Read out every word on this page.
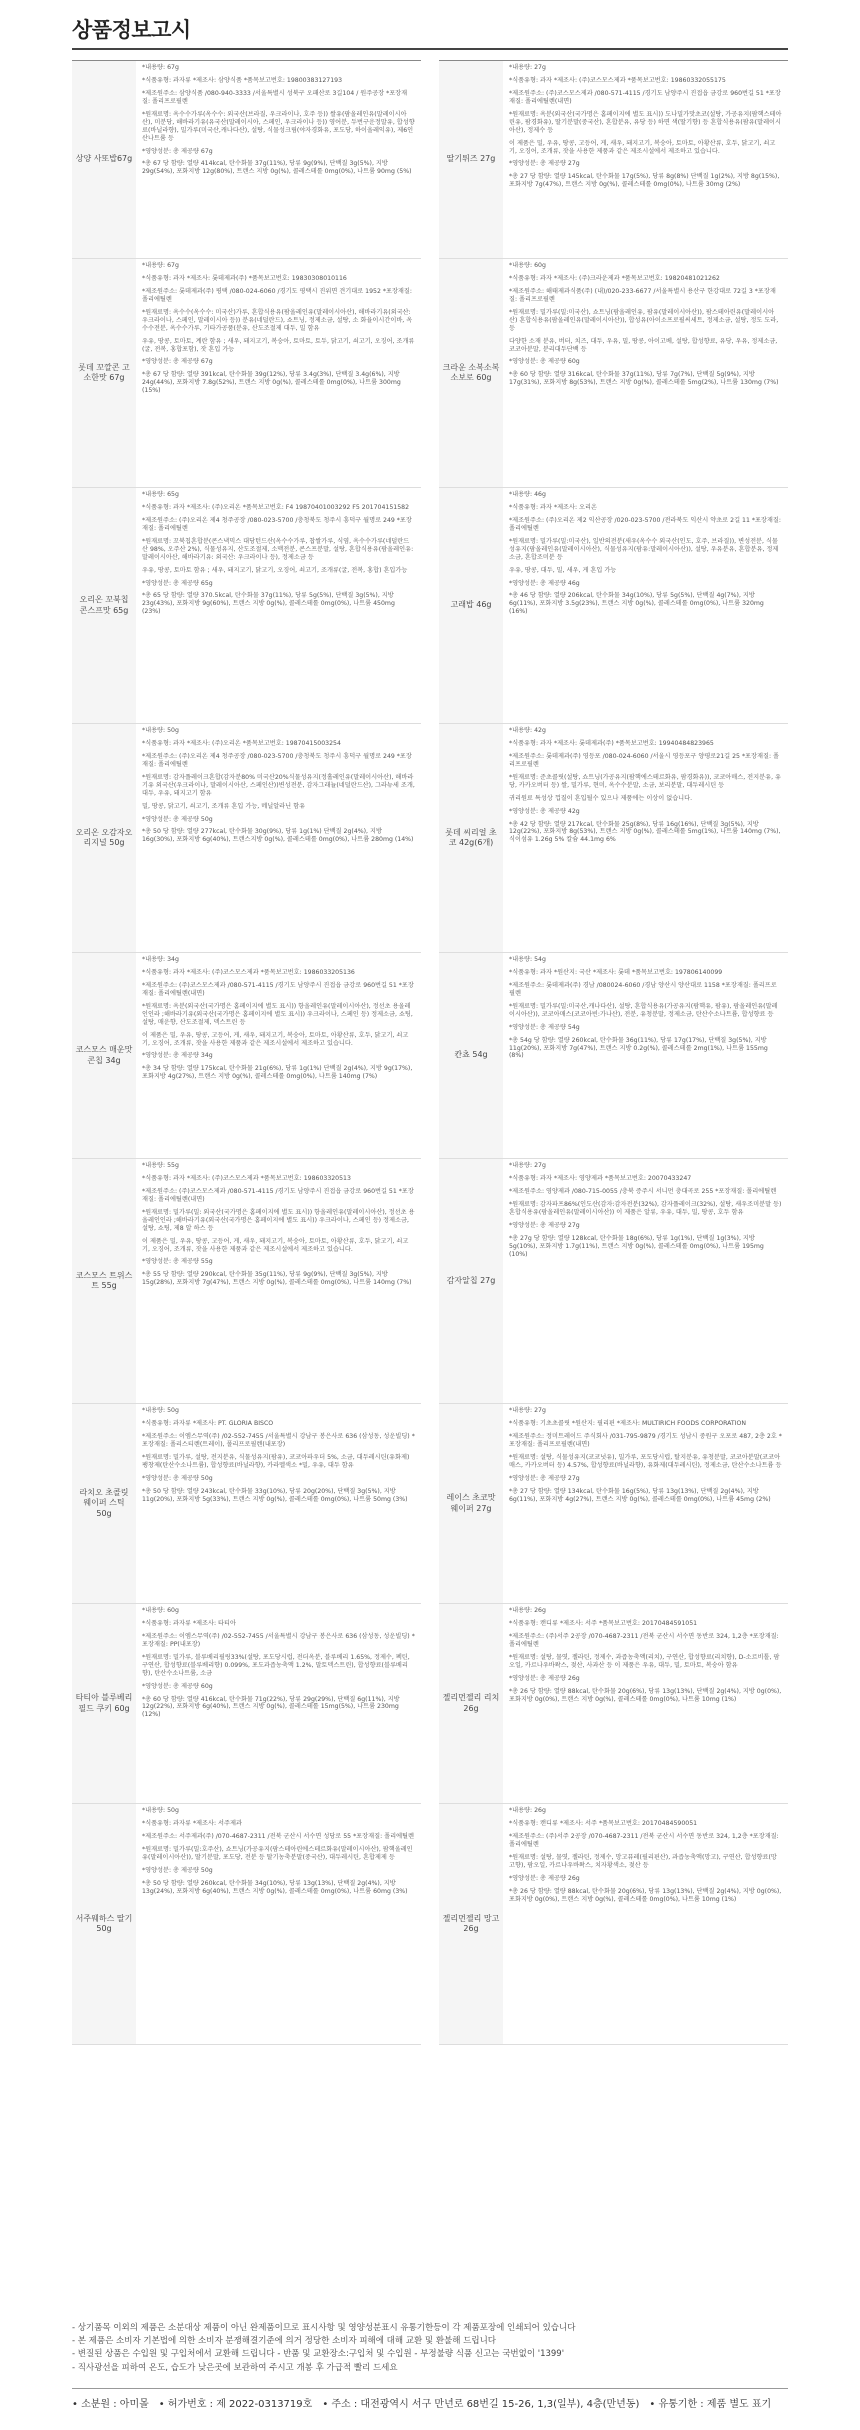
상품정보고시
상양 사또밥67g

*내용량: 67g

*식품유형: 과자류 *제조사: 삼양식품 *품목보고번호: 19800383127193

*제조원주소: 삼양식품 /080-940-3333 /서울특별시 성북구 오패산로 3길104 / 원주공장 *포장재질: 폴리프로필렌

*원재료명: 옥수수가루(옥수수: 외국산(브라질, 우크라이나, 호주 등)) 쌀유(팜올레인유(말레이시아산), 미분당, 해바라기유(유국산(말레이시아, 스페인, 우크라이나 등)) 영어분, 두번구운정말유, 합성향료(바닐라향), 밀가루(미국산,캐나다산), 설탕, 식물성크림(야자경화유, 포도당, 하이올레익유), 제6인산나트륨 등

*영양성분: 총 제공량 67g

*총 67 당 함량: 열량 414kcal, 탄수화물 37g(11%), 당류 9g(9%), 단백질 3g(5%), 지방 29g(54%), 포화지방 12g(80%), 트랜스 지방 0g(%), 콜레스테롤 0mg(0%), 나트륨 90mg (5%)

롯데 꼬깔콘 고소한맛 67g

*내용량: 67g

*식품유형: 과자 *제조사: 롯데제과(주) *품목보고번호: 19830308010116

*제조원주소: 롯데제과(주) 평택 /080-024-6060 /경기도 평택시 진위면 견기대로 1952 *포장재질: 폴리에틸렌

*원재료명: 옥수수(옥수수: 미국산)가루, 혼합식용유(팜올레인유(말레이시아산), 해바라기유(외국산: 우크라이나, 스페인, 말레이시아 등)) 분유(네덜란드), 쇼트닝, 정제소금, 설탕, 소 화율이시간이바, 옥수수전분, 옥수수가루, 기타가공품(분유, 산도조절제 대두, 밀 함유

우유, 땅콩, 토마토, 계란 함유 ; 새우, 돼지고기, 복숭아, 토마토, 토두, 닭고기, 쇠고기, 오징어, 조개류(굴, 전복, 홍합포함), 잣 혼입 가능

*영양성분: 총 제공량 67g

*총 67 당 함량: 열량 391kcal, 탄수화물 39g(12%), 당류 3.4g(3%), 단백질 3.4g(6%), 지방 24g(44%), 포화지방 7.8g(52%), 트랜스 지방 0g(%), 콜레스테롤 0mg(0%), 나트륨 300mg (15%)

오리온 꼬북칩 콘스프맛 65g

*내용량: 65g

*식품유형: 과자 *제조사: (주)오리온 *품목보고번호: F4 19870401003292 F5 201704151582

*제조원주소: (주)오리온 제4 청주공장 /080-023-5700 /충청북도 청주시 흥덕구 월명로 249 *포장재질: 폴리에틸렌

*원재료명: 꼬북칩혼합분(콘스낵믹스 대당턴드산(옥수수가루, 찹쌀가루, 식염, 옥수수가루(네덜란드산 98%, 오주산 2%), 식물성유지, 산도조절제, 소맥전분, 콘스프분말, 설탕, 혼합식용유(팜올레인유: 말레이시아산, 해바라기유: 외국산: 우크라이나 등), 정제소금 등

우유, 땅콩, 토마토 함유 ; 새우, 돼지고기, 닭고기, 오징어, 쇠고기, 조개류(굴, 전복, 홍합) 혼입가능

*영양성분: 총 제공량 65g

*총 65 당 함량: 열량 370.5kcal, 탄수화물 37g(11%), 당류 5g(5%), 단백질 3g(5%), 지방 23g(43%), 포화지방 9g(60%), 트랜스 지방 0g(%), 콜레스테롤 0mg(0%), 나트륨 450mg (23%)

오리온 오감자오리지널 50g

*내용량: 50g

*식품유형: 과자 *제조사: (주)오리온 *품목보고번호: 19870415003254

*제조원주소: (주)오리온 제4 청주공장 /080-023-5700 /충청북도 청주시 흥덕구 월명로 249 *포장재질: 폴리에틸렌

*원재료명: 감자플레이크혼합(감자분80% 미국산20%식물성유지(정홀레인유(말레이시아산), 해바라기유 외국산(우크라이나, 말레이시아산, 스페인산))변성전분, 감자그래뉼(네덜란드산), 그라뉴세 조개, 대두, 우유, 돼지고기 함유

밀, 땅콩, 닭고기, 쇠고기, 조개류 혼입 가능, 메닐알라닌 함유

*영양성분: 총 제공량 50g

*총 50 당 함량: 열량 277kcal, 탄수화물 30g(9%), 당류 1g(1%) 단백질 2g(4%), 지방 16g(30%), 포화지방 6g(40%), 트랜스지방 0g(%), 콜레스테롤 0mg(0%), 나트륨 280mg (14%)

코스모스 매운맛 콘칩 34g

*내용량: 34g

*식품유형: 과자 *제조사: (주)코스모스제과 *품목보고번호: 1986033205136

*제조원주소: (주)코스모스제과 /080-571-4115 /경기도 남양주시 진접읍 금강로 960번길 51 *포장재질: 폴리에틸렌(내면)

*원재료명: 옥분(외국산(국가명은 홈페이지에 별도 표시)) 항올레인유(말레이시아산), 정선초 용올레인인라 ;해바라기유(외국산(국가명은 홈페이지에 별도 표시)) 우크라이나, 스페인 등) 정제소금, 쇼팅, 설탕, 매운향, 산도조절제, 덱스트린 등

이 제품은 밀, 우유, 땅콩, 고등어, 게, 새우, 돼지고기, 복숭아, 토마토, 아황산류, 호두, 닭고기, 쇠고기, 오징어, 조개류, 잣을 사용한 제품과 같은 제조시설에서 제조하고 있습니다.

*영양성분: 총 제공량 34g

*총 34 당 함량: 열량 175kcal, 탄수화물 21g(6%), 당류 1g(1%) 단백질 2g(4%), 지방 9g(17%), 포화지방 4g(27%), 트랜스 지방 0g(%), 콜레스테롤 0mg(0%), 나트륨 140mg (7%)

코스모스 트위스트 55g

*내용량: 55g

*식품유형: 과자 *제조사: (주)코스모스제과 *품목보고번호: 198603320513

*제조원주소: (주)코스모스제과 /080-571-4115 /경기도 남양주시 진접읍 금강로 960번길 51 *포장재질: 폴리에틸렌(내면)

*원재료명: 밀가루(밀: 외국산(국가명은 홈페이지에 별도 표시)) 항올레인유(말레이시아산), 정선초 용올레인인라 ;해바라기유(외국산(국가명은 홈페이지에 별도 표시)) 우크라이나, 스페인 등) 정제소금, 설탕, 쇼팅, 제8 알 하스 등

이 제품은 밀, 우유, 땅콩, 고등어, 게, 새우, 돼지고기, 복숭아, 토마토, 아황산류, 호두, 닭고기, 쇠고기, 오징어, 조개류, 잣을 사용한 제품과 같은 제조시설에서 제조하고 있습니다.

*영양성분: 총 제공량 55g

*총 55 당 함량: 열량 290kcal, 탄수화물 35g(11%), 당류 9g(9%), 단백질 3g(5%), 지방 15g(28%), 포화지방 7g(47%), 트랜스 지방 0g(%), 콜레스테롤 0mg(0%), 나트륨 140mg (7%)

라치오 초콜릿 웨이퍼 스틱 50g

*내용량: 50g

*식품유형: 과자류 *제조사: PT. GLORIA BISCO

*제조원주소: 이엠스무역(주) /02-552-7455 /서울특별시 강남구 봉은사로 636 (삼성동, 성운빌딩) *포장재질: 폴리스티렌(트레이), 폴리프로필렌(내포장)

*원재료명: 밀가루, 설탕, 전지분유, 식물성유지(팜유), 코코아파우더 5%, 소금, 대두레시틴(유화제)팽창제(탄산수소나트륨), 합성향료(바닐라향), 카라멜색소 *밀, 우유, 대두 함유

*영양성분: 총 제공량 50g

*총 50 당 함량: 열량 243kcal, 탄수화물 33g(10%), 당류 20g(20%), 단백질 3g(5%), 지방 11g(20%), 포화지방 5g(33%), 트랜스 지방 0g(%), 콜레스테롤 0mg(0%), 나트륨 50mg (3%)

타티아 블루베리 필드 쿠키 60g

*내용량: 60g

*식품유형: 과자류 *제조사: 타티아

*제조원주소: 이엠스무역(주) /02-552-7455 /서울특별시 강남구 봉은사로 636 (삼성동, 성운빌딩) *포장재질: PP(내포장)

*원재료명: 밀가루, 블루베리필링33%(설탕, 포도당시럽, 전더옥분, 블루베리 1.65%, 정제수, 펙틴, 구연산, 합성향료(블루베리향) 0.099%, 포도과즙농축액 1.2%, 말토덱스트린), 합성향료(블루베리향), 탄산수소나트륨, 소금

*영양성분: 총 제공량 60g

*총 60 당 함량: 열량 416kcal, 탄수화물 71g(22%), 당류 29g(29%), 단백질 6g(11%), 지방 12g(22%), 포화지방 6g(40%), 트랜스 지방 0g(%), 콜레스테롤 15mg(5%), 나트륨 230mg (12%)

서주웨하스 딸기 50g

*내용량: 50g

*식품유형: 과자류 *제조사: 서주제과

*제조원주소: 서주제과(주) /070-4687-2311 /전북 군산시 서수면 성당로 55 *포장재질: 폴리에틸렌

*원재료명: 밀가루(밀:호주산), 쇼트닝(가공유지(팜스테아린에스테르화유(말레이시아산), 팜핵올레인유(말레이시아산)), 딸기분말, 포도당, 전분 등 딸기농축분말(중국산), 대두레시틴, 혼합제제 등

*영양성분: 총 제공량 50g

*총 50 당 함량: 열량 260kcal, 탄수화물 34g(10%), 당류 13g(13%), 단백질 2g(4%), 지방 13g(24%), 포화지방 6g(40%), 트랜스 지방 0g(%), 콜레스테롤 0mg(0%), 나트륨 60mg (3%)

딸기튀즈 27g

*내용량: 27g

*식품유형: 과자 *제조사: (주)코스모스제과 *품목보고번호: 19860332055175

*제조원주소: (주)코스모스제과 /080-571-4115 /경기도 남양주시 진접읍 금강로 960번길 51 *포장재질: 폴리에틸렌(내면)

*원재료명: 옥분(외국산(국가명은 홈페이지에 별도 표시)) 도나밀가맛초코(설탕, 가공유지(팜핵스테아린유, 팜경화유), 딸기분말(중국산), 혼합분유, 유당 등) 하면 색(딸기향) 등 혼합식용유(팜유(말레이시아산), 정제수 등

이 제품은 밀, 우유, 땅콩, 고등어, 게, 새우, 돼지고기, 복숭아, 토마토, 아황산류, 호두, 닭고기, 쇠고기, 오징어, 조개류, 잣을 사용한 제품과 같은 제조시설에서 제조하고 있습니다.

*영양성분: 총 제공량 27g

*총 27 당 함량: 열량 145kcal, 탄수화물 17g(5%), 당류 8g(8%) 단백질 1g(2%), 지방 8g(15%), 포화지방 7g(47%), 트랜스 지방 0g(%), 콜레스테롤 0mg(0%), 나트륨 30mg (2%)

크라운 소복소복 소보로 60g

*내용량: 60g

*식품유형: 과자 *제조사: (주)크라운제과 *품목보고번호: 19820481021262

*제조원주소: 해태제과식품(주) (내)/020-233-6677 /서울특별시 용산구 한강대로 72길 3 *포장재질: 폴리프로필렌

*원재료명: 밀가루(밀:미국산), 쇼트닝(팜올레인유, 팜유(말레이시아산)), 팜스테아린유(말레이시아산) 혼합식용유(팜올레인유(말레이시아산)), 합성유(아이소프로필씨세트, 정제소금, 설탕, 정도 도라, 등

다양한 소재 분유, 버터, 치즈, 대두, 우유, 밀, 땅콩, 아이고베, 설탕, 합성향료, 유당, 우유, 정제소금, 코코아분말, 분리대두단백 등

*영양성분: 총 제공량 60g

*총 60 당 함량: 열량 316kcal, 탄수화물 37g(11%), 당류 7g(7%), 단백질 5g(9%), 지방 17g(31%), 포화지방 8g(53%), 트랜스 지방 0g(%), 콜레스테롤 5mg(2%), 나트륨 130mg (7%)

고래밥 46g

*내용량: 46g

*식품유형: 과자 *제조사: 오리온

*제조원주소: (주)오리온 제2 익산공장 /020-023-5700 /전라북도 익산시 약초로 2길 11 *포장재질: 폴리에틸렌

*원재료명: 밀가루(밀:미국산), 일반의전분(새우(옥수수 외국산(인도, 호주, 브라질)), 변성전분, 식물성유지(팜올레인유(말레이시아산), 식물성유지(팜유:말레이시아산)), 설탕, 우유분유, 혼합분유, 정제소금, 혼합조미분 등

우유, 땅콩, 대두, 밀, 새우, 게 혼입 가능

*영양성분: 총 제공량 46g

*총 46 당 함량: 열량 206kcal, 탄수화물 34g(10%), 당류 5g(5%), 단백질 4g(7%), 지방 6g(11%), 포화지방 3.5g(23%), 트랜스 지방 0g(%), 콜레스테롤 0mg(0%), 나트륨 320mg (16%)

롯데 씨리얼 초코 42g(6개)

*내용량: 42g

*식품유형: 과자 *제조사: 롯데제과(주) *품목보고번호: 19940484823965

*제조원주소: 롯데제과(주) 영등포 /080-024-6060 /서울시 영등포구 양평로21길 25 *포장재질: 폴리프로필렌

*원재료명: 준초콜릿(설탕, 쇼트닝(가공유지(팜핵에스테르화유, 팜경화유)), 코코아매스, 전지분유, 유당, 카카오버터 등) 쌀, 밀가루, 현미, 옥수수분말, 소금, 보리분말, 대두레시틴 등

귀리원료 특성상 껍질이 혼입될수 있으나 제품에는 이상이 없습니다.

*영양성분: 총 제공량 42g

*총 42 당 함량: 열량 217kcal, 탄수화물 25g(8%), 당류 16g(16%), 단백질 3g(5%), 지방 12g(22%), 포화지방 8g(53%), 트랜스 지방 0g(%), 콜레스테롤 5mg(1%), 나트륨 140mg (7%), 식이섬유 1.26g 5% 칼슘 44.1mg 6%

칸쵸 54g

*내용량: 54g

*식품유형: 과자 *원산지: 국산 *제조사: 롯데 *품목보고번호: 197806140099

*제조원주소: 롯데제과(주) 경남 /080024-6060 /경남 양산시 양산대로 1158 *포장재질: 폴리프로필렌

*원재료명: 밀가루(밀:미국산,캐나다산), 설탕, 혼합식용유(가공유지(팜핵유, 팜유), 팜올레인유(말레이시아산)), 코코아매스(코코아빈:가나산), 전분, 유청분말, 정제소금, 탄산수소나트륨, 합성향료 등

*영양성분: 총 제공량 54g

*총 54g 당 함량: 열량 260kcal, 탄수화물 36g(11%), 당류 17g(17%), 단백질 3g(5%), 지방 11g(20%), 포화지방 7g(47%), 트랜스 지방 0.2g(%), 콜레스테롤 2mg(1%), 나트륨 155mg (8%)

감자알칩 27g

*내용량: 27g

*식품유형: 과자 *제조사: 영양제과 *품목보고번호: 20070433247

*제조원주소: 영양제과 /080-715-0055 /충북 증주시 서니먼 충대곡로 255 *포장재질: 폴리에틸렌

*원재료명: 감자파프86%(인도산(감자:감자전분(32%), 감자플레이크(32%), 설탕, 새우조미분말 등) 혼합식용유(팜올레인유(말레이시아산)) 이 제품은 알류, 우유, 대두, 밀, 땅콩, 호두 함유

*영양성분: 총 제공량 27g

*총 27g 당 함량: 열량 128kcal, 탄수화물 18g(6%), 당류 1g(1%), 단백질 1g(3%), 지방 5g(10%), 포화지방 1.7g(11%), 트랜스 지방 0g(%), 콜레스테롤 0mg(0%), 나트륨 195mg (10%)

레이스 초코맛 웨이퍼 27g

*내용량: 27g

*식품유형: 기초초콜릿 *원산지: 필리핀 *제조사: MULTIRICH FOODS CORPORATION

*제조원주소: 정미트레이드 주식회사 /031-795-9879 /경기도 성남시 중원구 오포로 487, 2층 2호 *포장재질: 폴리프로필렌(내면)

*원재료명: 설탕, 식물성유지(코코넛유), 밀가루, 포도당시럽, 탈지분유, 유청분말, 코코아분말(코코아매스, 카카오버터 등) 4.57%, 합성향료(바닐라향), 유화제(대두레시틴), 정제소금, 탄산수소나트륨 등

*영양성분: 총 제공량 27g

*총 27 당 함량: 열량 134kcal, 탄수화물 16g(5%), 당류 13g(13%), 단백질 2g(4%), 지방 6g(11%), 포화지방 4g(27%), 트랜스 지방 0g(%), 콜레스테롤 0mg(0%), 나트륨 45mg (2%)

젤리먼젤리 리치 26g

*내용량: 26g

*식품유형: 캔디류 *제조사: 서주 *품목보고번호: 20170484591051

*제조원주소: (주)서주 2공장 /070-4687-2311 /전북 군산시 서수면 동반로 324, 1,2층 *포장재질: 폴리에틸렌

*원재료명: 설탕, 물엿, 젤라틴, 정제수, 과즙농축액(리치), 구연산, 합성향료(리치향), D-소르비톨, 팜오일, 카르나우바왁스, 젖산, 사과산 등 이 제품은 우유, 대두, 밀, 토마토, 복숭아 함유

*영양성분: 총 제공량 26g

*총 26 당 함량: 열량 88kcal, 탄수화물 20g(6%), 당류 13g(13%), 단백질 2g(4%), 지방 0g(0%), 포화지방 0g(0%), 트랜스 지방 0g(%), 콜레스테롤 0mg(0%), 나트륨 10mg (1%)

젤리먼젤리 망고 26g

*내용량: 26g

*식품유형: 캔디류 *제조사: 서주 *품목보고번호: 20170484590051

*제조원주소: (주)서주 2공장 /070-4687-2311 /전북 군산시 서수면 동반로 324, 1,2층 *포장재질: 폴리에틸렌

*원재료명: 설탕, 물엿, 젤라틴, 정제수, 망고퓨레(필리핀산), 과즙농축액(망고), 구연산, 합성향료(망고향), 팜오일, 카르나우바왁스, 치자황색소, 젖산 등

*영양성분: 총 제공량 26g

*총 26 당 함량: 열량 88kcal, 탄수화물 20g(6%), 당류 13g(13%), 단백질 2g(4%), 지방 0g(0%), 포화지방 0g(0%), 트랜스 지방 0g(%), 콜레스테롤 0mg(0%), 나트륨 10mg (1%)

- 상기품목 이외의 제품은 소분대상 제품이 아닌 완제품이므로 표시사항 및 영양성분표시 유통기한등이 각 제품포장에 인쇄되어 있습니다
- 본 제품은 소비자 기본법에 의한 소비자 분쟁해결기준에 의거 정당한 소비자 피해에 대해 교환 및 환불해 드립니다
- 변질된 상품은 수입원 및 구입처에서 교환해 드립니다 - 반품 및 교환장소:구입처 및 수입원 - 부정불량 식품 신고는 국번없이 '1399'
- 직사광선을 피하여 온도, 습도가 낮은곳에 보관하여 주시고 개봉 후 가급적 빨리 드세요
• 소분원 : 아미몰 • 허가번호 : 제 2022-0313719호 • 주소 : 대전광역시 서구 만년로 68번길 15-26, 1,3(일부), 4층(만년동) • 유통기한 : 제품 별도 표기
